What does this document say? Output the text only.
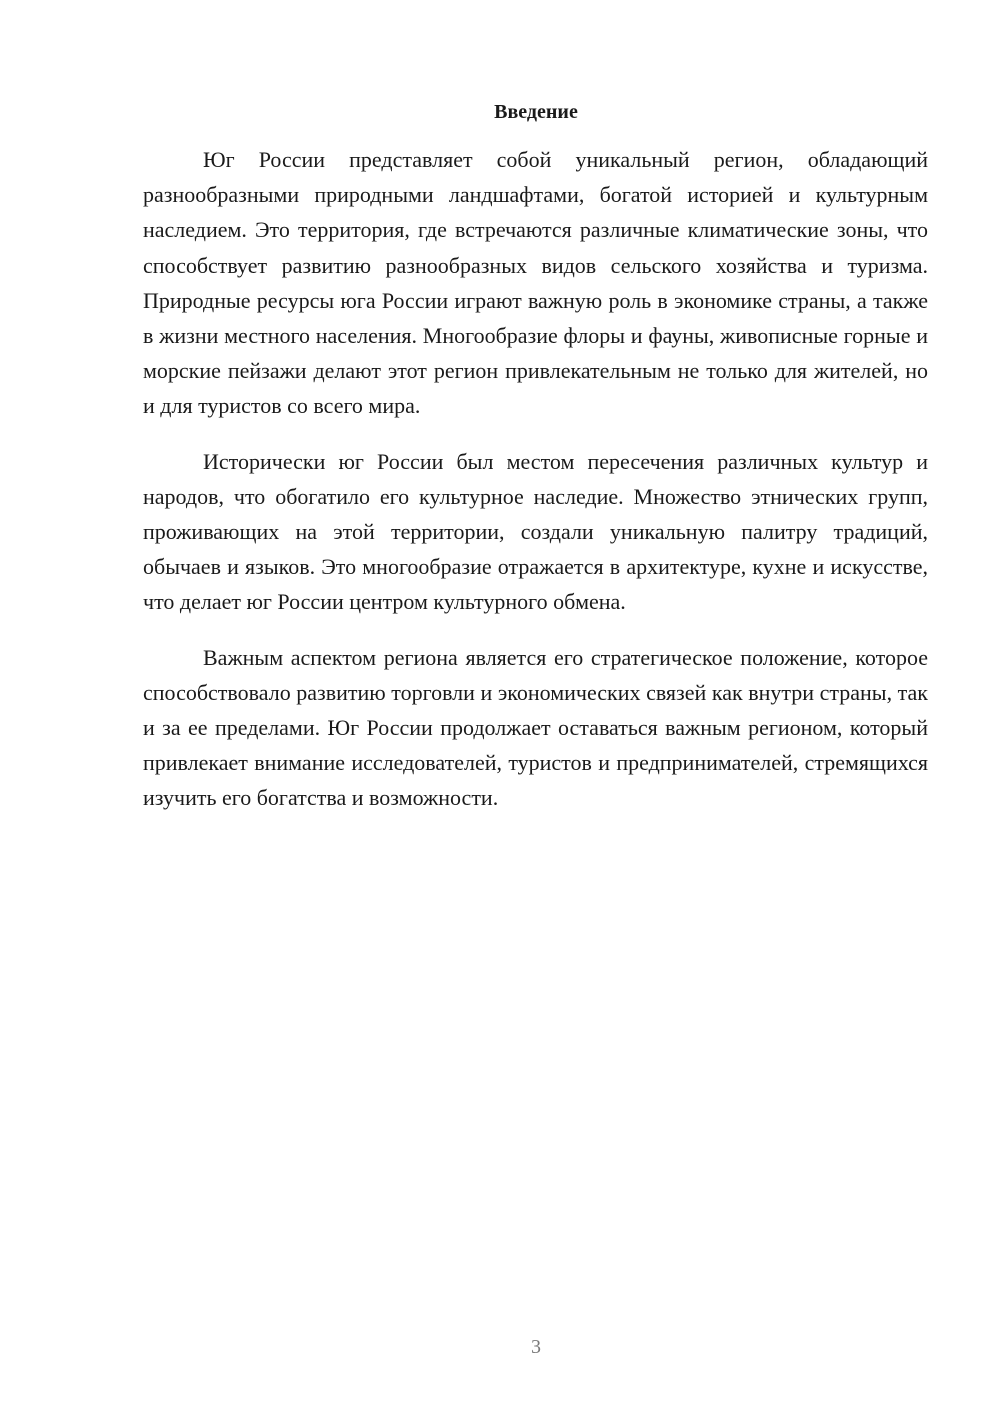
Введение

Юг России представляет собой уникальный регион, обладающий разнообразными природными ландшафтами, богатой историей и культурным наследием. Это территория, где встречаются различные климатические зоны, что способствует развитию разнообразных видов сельского хозяйства и туризма. Природные ресурсы юга России играют важную роль в экономике страны, а также в жизни местного населения. Многообразие флоры и фауны, живописные горные и морские пейзажи делают этот регион привлекательным не только для жителей, но и для туристов со всего мира.

Исторически юг России был местом пересечения различных культур и народов, что обогатило его культурное наследие. Множество этнических групп, проживающих на этой территории, создали уникальную палитру традиций, обычаев и языков. Это многообразие отражается в архитектуре, кухне и искусстве, что делает юг России центром культурного обмена.

Важным аспектом региона является его стратегическое положение, которое способствовало развитию торговли и экономических связей как внутри страны, так и за ее пределами. Юг России продолжает оставаться важным регионом, который привлекает внимание исследователей, туристов и предпринимателей, стремящихся изучить его богатства и возможности.

3
